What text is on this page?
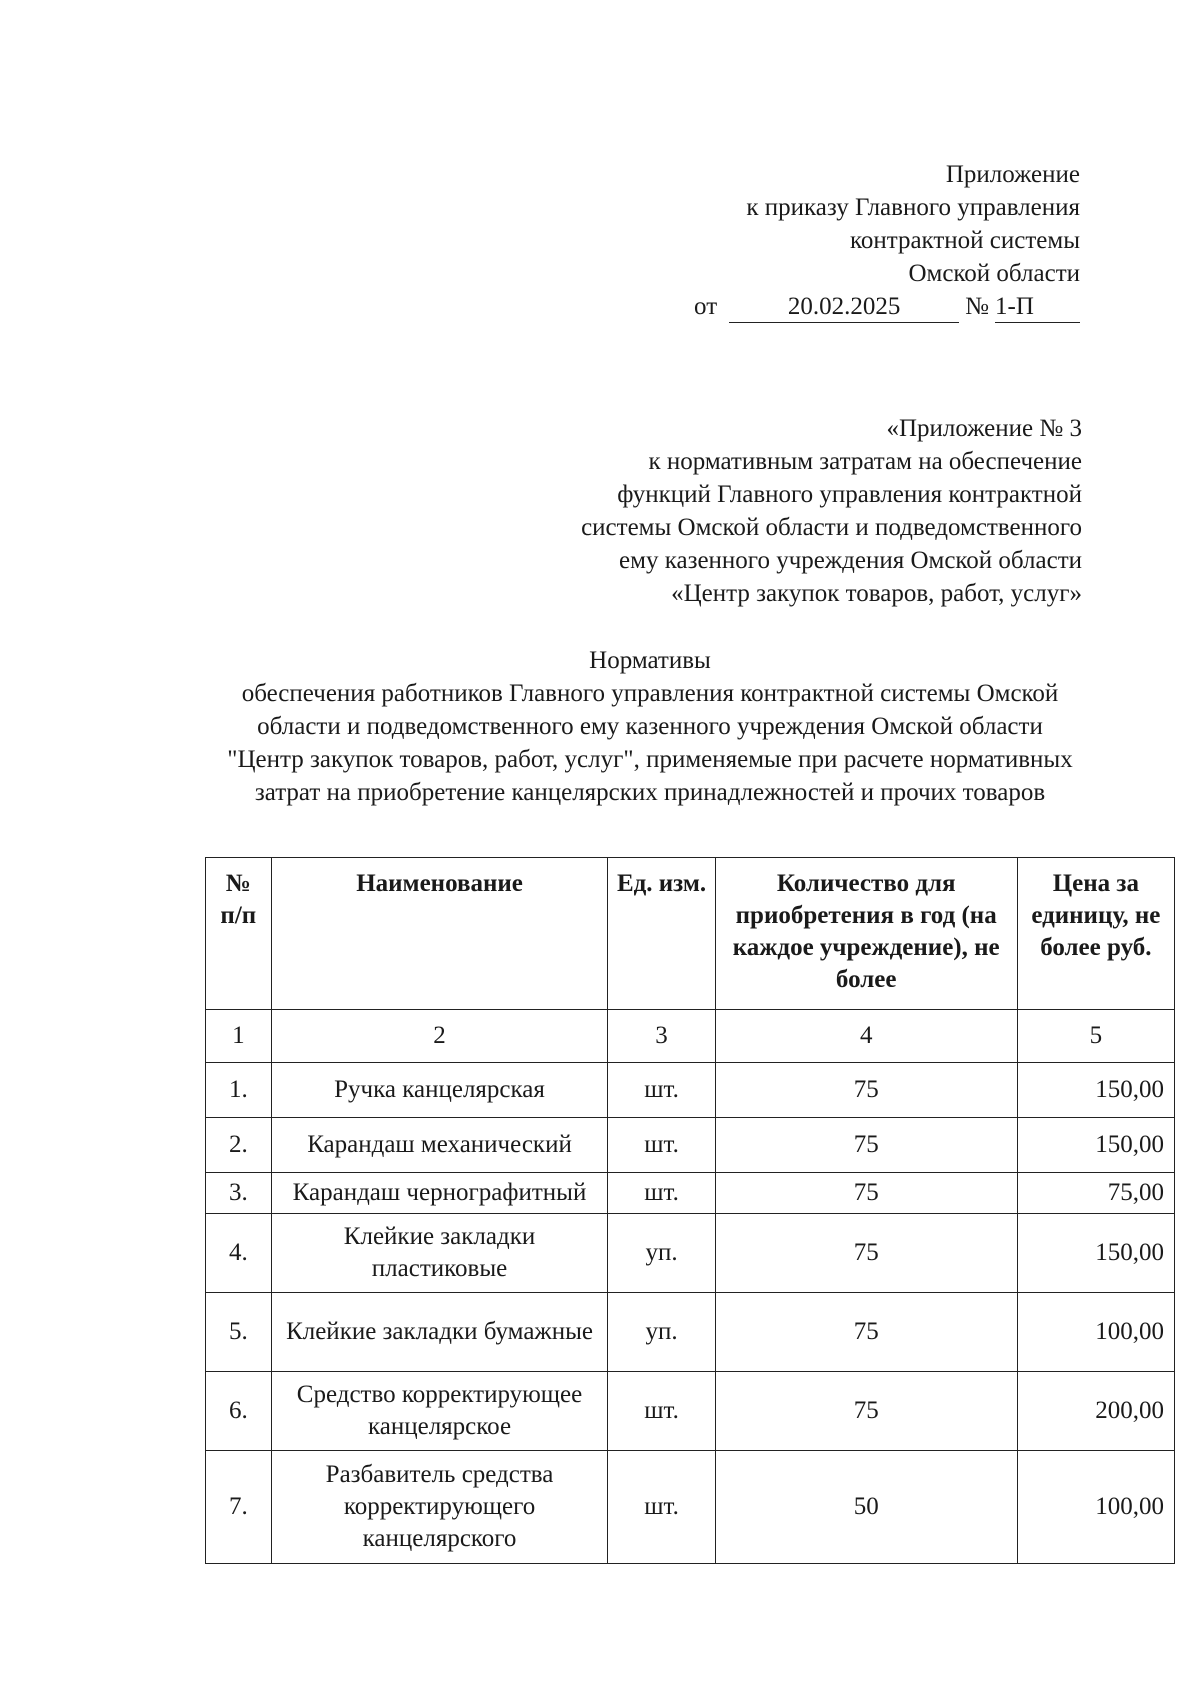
Приложение
к приказу Главного управления
контрактной системы
Омской области
от	20.02.2025	№ 1-П
«Приложение № 3
к нормативным затратам на обеспечение
функций Главного управления контрактной
системы Омской области и подведомственного
ему казенного учреждения Омской области
«Центр закупок товаров, работ, услуг»
Нормативы
обеспечения работников Главного управления контрактной системы Омской
области и подведомственного ему казенного учреждения Омской области
"Центр закупок товаров, работ, услуг", применяемые при расчете нормативных
затрат на приобретение канцелярских принадлежностей и прочих товаров
№ п/п	Наименование	Ед. изм.	Количество для приобретения в год (на каждое учреждение), не более	Цена за единицу, не более руб.
1	2	3	4	5
1.	Ручка канцелярская	шт.	75	150,00
2.	Карандаш механический	шт.	75	150,00
3.	Карандаш чернографитный	шт.	75	75,00
4.	Клейкие закладки пластиковые	уп.	75	150,00
5.	Клейкие закладки бумажные	уп.	75	100,00
6.	Средство корректирующее канцелярское	шт.	75	200,00
7.	Разбавитель средства корректирующего канцелярского	шт.	50	100,00
